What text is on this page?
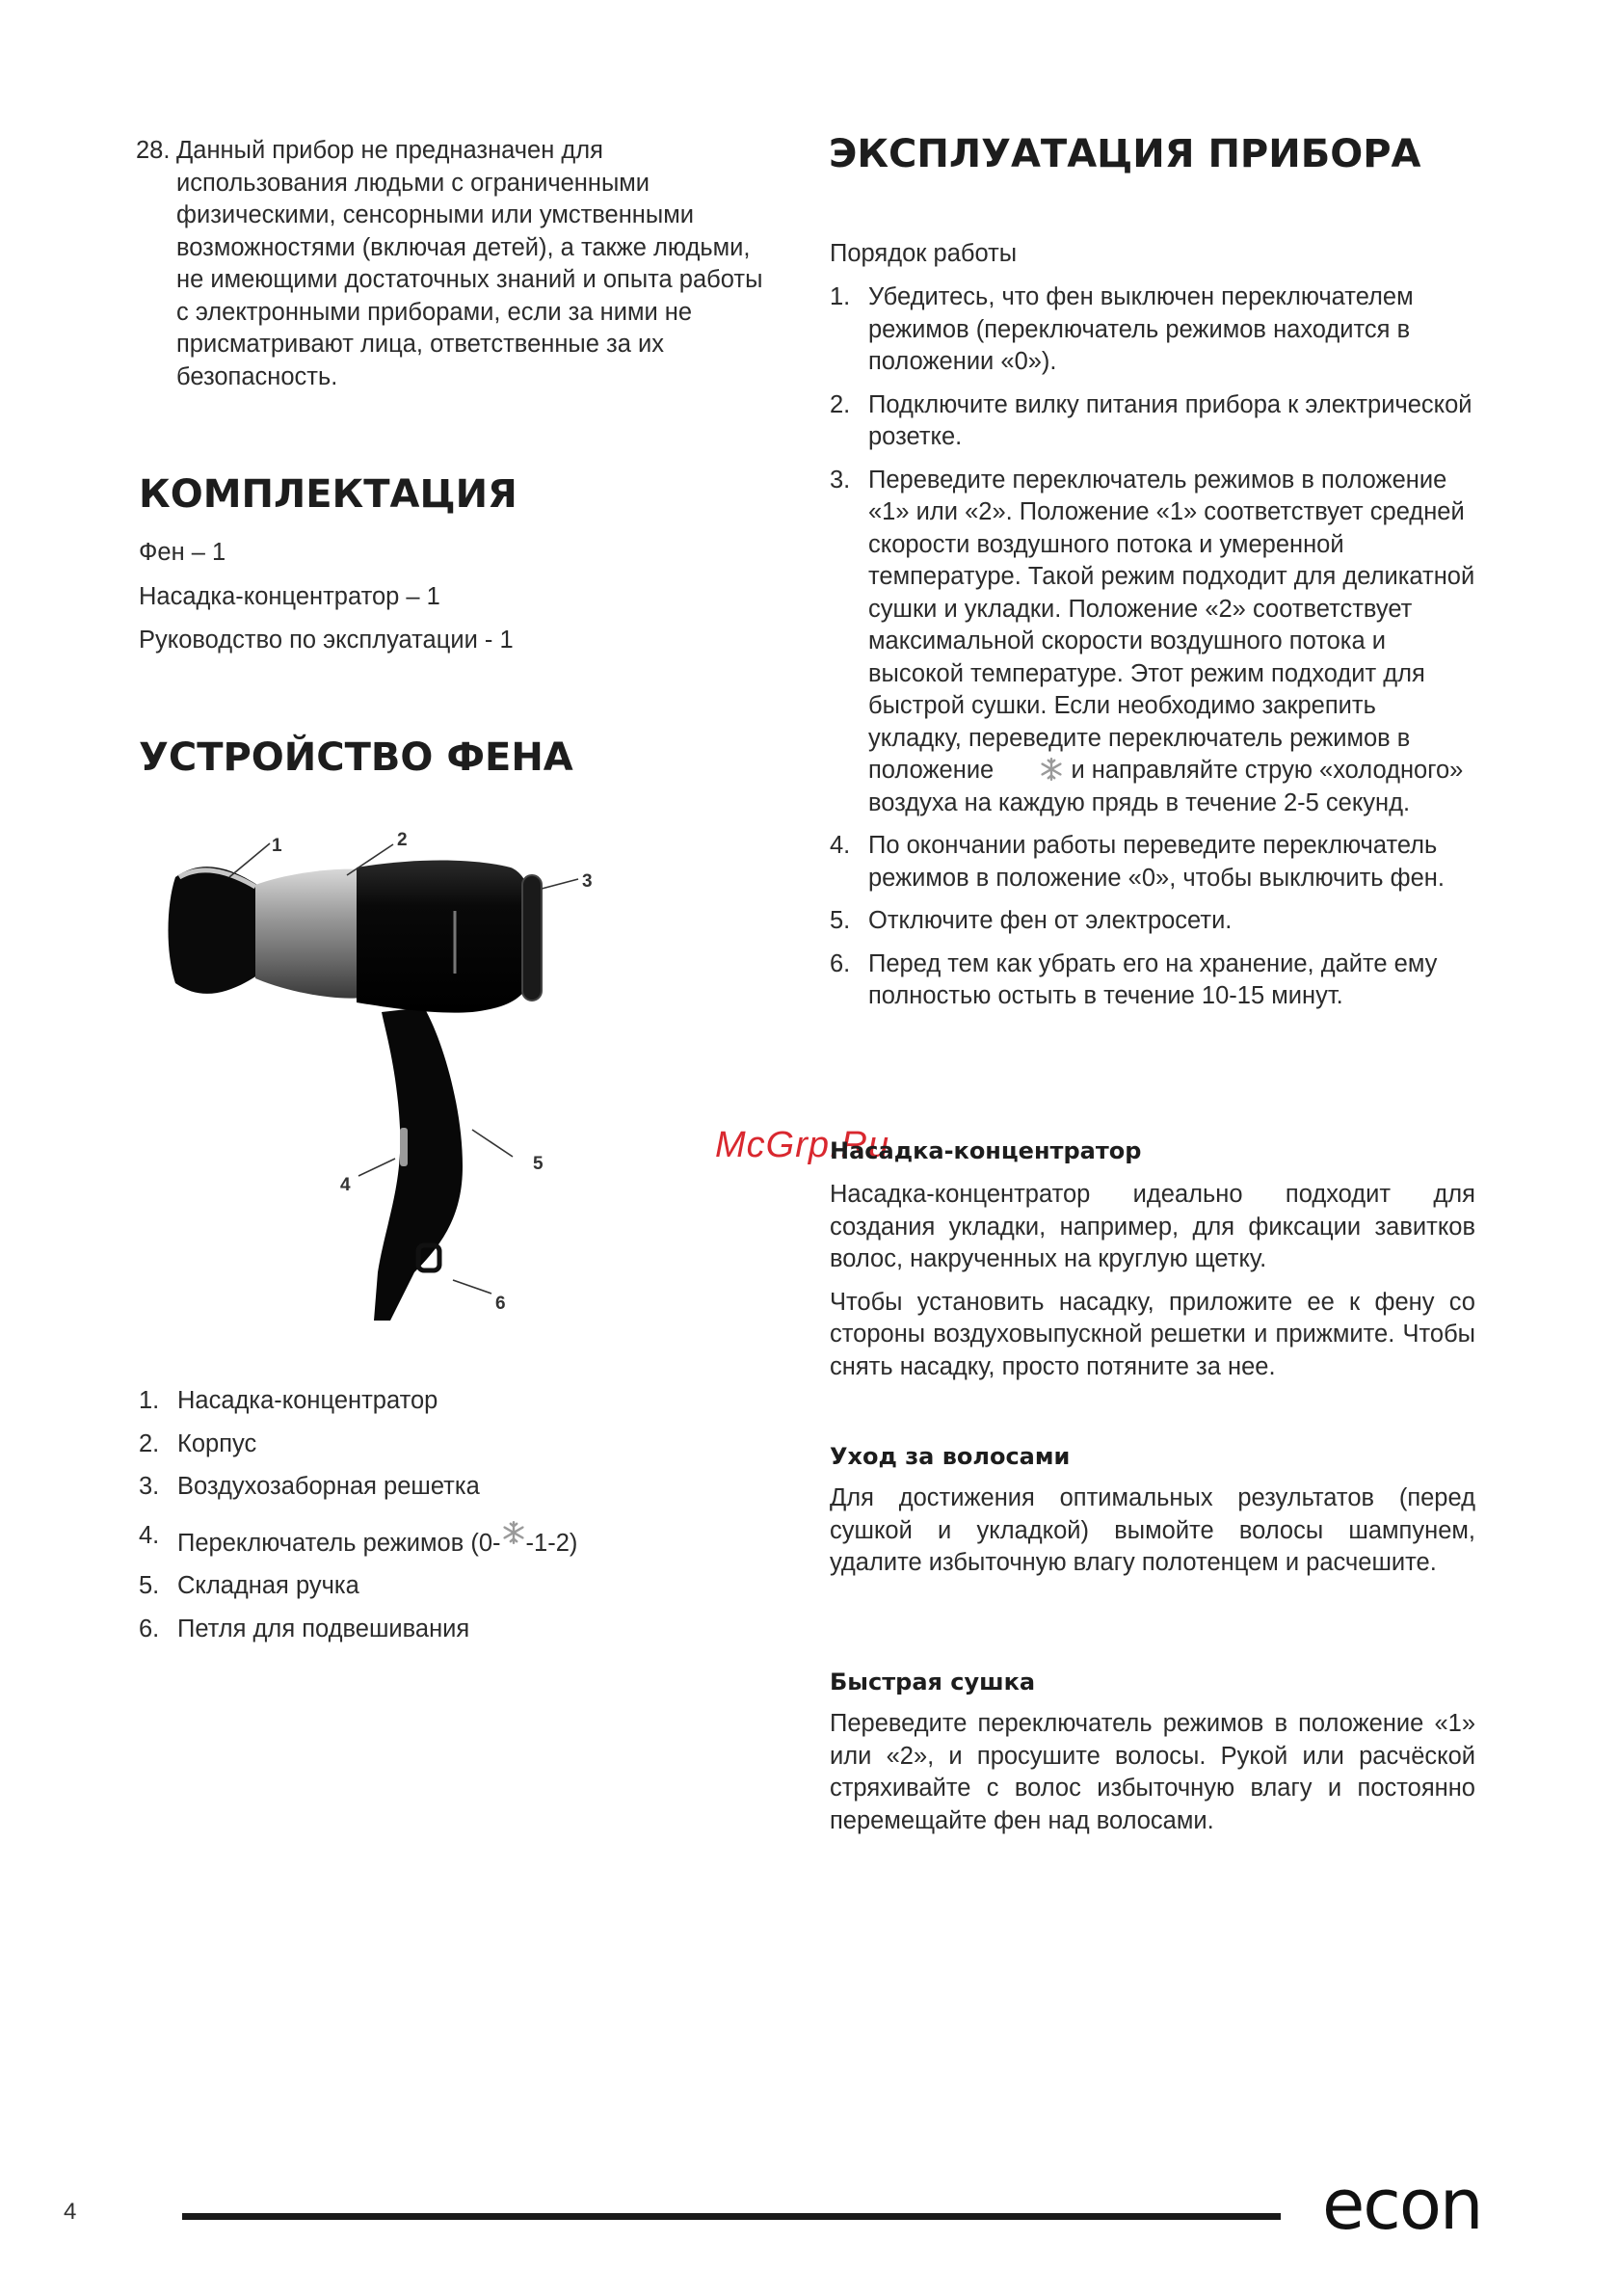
28. Данный прибор не предназначен для использования людьми с ограниченными физическими, сенсорными или умственными возможностями (включая детей), а также людьми, не имеющими достаточных знаний и опыта работы с электронными приборами, если за ними не присматривают лица, ответственные за их безопасность.
КОМПЛЕКТАЦИЯ
Фен – 1
Насадка-концентратор – 1
Руководство по эксплуатации - 1
УСТРОЙСТВО ФЕНА
1	2
3
4
5
6
1. Насадка-концентратор
2. Корпус
3. Воздухозаборная решетка
4. Переключатель режимов (0- -1-2)
5. Складная ручка
6. Петля для подвешивания
ЭКСПЛУАТАЦИЯ ПРИБОРА
Порядок работы
1. Убедитесь, что фен выключен переключателем режимов (переключатель режимов находится в положении «0»).
2. Подключите вилку питания прибора к электрической розетке.
3. Переведите переключатель режимов в положение «1» или «2». Положение «1» соответствует средней скорости воздушного потока и умеренной температуре. Такой режим подходит для деликатной сушки и укладки. Положение «2» соответствует максимальной скорости воздушного потока и высокой температуре. Этот режим подходит для быстрой сушки. Если необходимо закрепить укладку, переведите переключатель режимов в положение	и направляйте струю «холодного» воздуха на каждую прядь в течение 2-5 секунд.
4. По окончании работы переведите переключатель режимов в положение «0», чтобы выключить фен.
5. Отключите фен от электросети.
6. Перед тем как убрать его на хранение, дайте ему полностью остыть в течение 10-15 минут.
McGrp.Ru
Насадка-концентратор

Насадка-концентратор идеально подходит для создания укладки, например, для фиксации завитков волос, накрученных на круглую щетку.

Чтобы установить насадку, приложите ее к фену со стороны воздуховыпускной решетки и прижмите. Чтобы снять насадку, просто потяните за нее.

Уход за волосами
Для достижения оптимальных результатов (перед сушкой и укладкой) вымойте волосы шампунем, удалите избыточную влагу полотенцем и расчешите.
Быстрая сушка
Переведите переключатель режимов в положение «1» или «2», и просушите волосы. Рукой или расчёской стряхивайте с волос избыточную влагу и постоянно перемещайте фен над волосами.
4	econ
